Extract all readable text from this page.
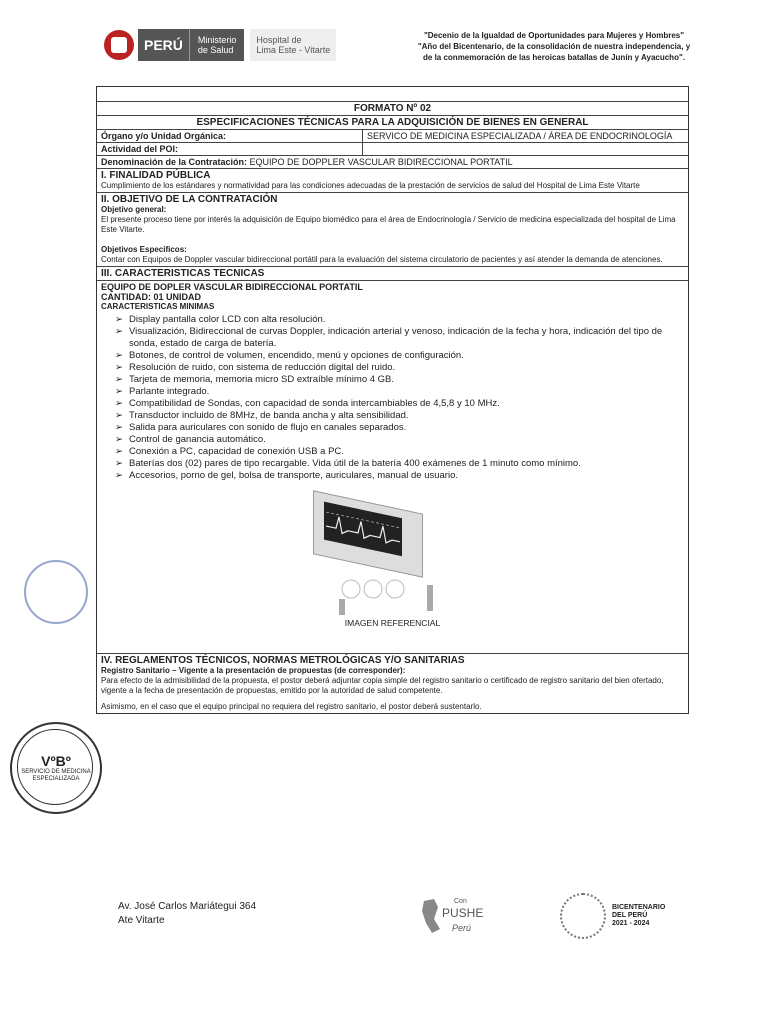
PERÚ	Ministerio
de Salud
Hospital de
Lima Este - Vitarte
"Decenio de la Igualdad de Oportunidades para Mujeres y Hombres"
"Año del Bicentenario, de la consolidación de nuestra independencia, y
de la conmemoración de las heroicas batallas de Junín y Ayacucho".
FORMATO Nº 02
ESPECIFICACIONES TÉCNICAS PARA LA ADQUISICIÓN DE BIENES EN GENERAL
Órgano y/o Unidad Orgánica:	SERVICO DE MEDICINA ESPECIALIZADA / ÁREA DE ENDOCRINOLOGÍA
Actividad del POI:
Denominación de la Contratación: EQUIPO DE DOPPLER VASCULAR BIDIRECCIONAL PORTATIL
I. FINALIDAD PÚBLICA
Cumplimiento de los estándares y normatividad para las condiciones adecuadas de la prestación de servicios de salud del Hospital de Lima Este Vitarte
II. OBJETIVO DE LA CONTRATACIÓN
Objetivo general:
El presente proceso tiene por interés la adquisición de Equipo biomédico para el área de Endocrinología / Servicio de medicina especializada del hospital de Lima Este Vitarte.
Objetivos Especificos:
Contar con Equipos de Doppler vascular bidireccional portátil para la evaluación del sistema circulatorio de pacientes y así atender la demanda de atenciones.
III. CARACTERISTICAS TECNICAS
EQUIPO DE DOPLER VASCULAR BIDIRECCIONAL PORTATIL
CANTIDAD: 01 UNIDAD
CARACTERISTICAS MINIMAS
➢ Display pantalla color LCD con alta resolución.
➢ Visualización, Bidireccional de curvas Doppler, indicación arterial y venoso, indicación de la fecha y hora, indicación del tipo de sonda, estado de carga de batería.
➢ Botones, de control de volumen, encendido, menú y opciones de configuración.
➢ Resolución de ruido, con sistema de reducción digital del ruido.
➢ Tarjeta de memoria, memoria micro SD extraíble mínimo 4 GB.
➢ Parlante integrado.
➢ Compatibilidad de Sondas, con capacidad de sonda intercambiables de 4,5,8 y 10 MHz.
➢ Transductor incluido de 8MHz, de banda ancha y alta sensibilidad.
➢ Salida para auriculares con sonido de flujo en canales separados.
➢ Control de ganancia automático.
➢ Conexión a PC, capacidad de conexión USB a PC.
➢ Baterías dos (02) pares de tipo recargable. Vida útil de la batería 400 exámenes de 1 minuto como mínimo.
➢ Accesorios, porno de gel, bolsa de transporte, auriculares, manual de usuario.
IMAGEN REFERENCIAL
IV. REGLAMENTOS TÉCNICOS, NORMAS METROLÓGICAS Y/O SANITARIAS
Registro Sanitario – Vigente a la presentación de propuestas (de corresponder):
Para efecto de la admisibilidad de la propuesta, el postor deberá adjuntar copia simple del registro sanitario o certificado de registro sanitario del bien ofertado, vigente a la fecha de presentación de propuestas, emitido por la autoridad de salud competente.
Asimismo, en el caso que el equipo principal no requiera del registro sanitario, el postor deberá sustentarlo.
VºBº
SERVICIO DE MEDICINA ESPECIALIZADA
Av. José Carlos Mariátegui 364
Ate Vitarte
Con
PUSHE
Perú
BICENTENARIO
DEL PERÚ
2021 - 2024
